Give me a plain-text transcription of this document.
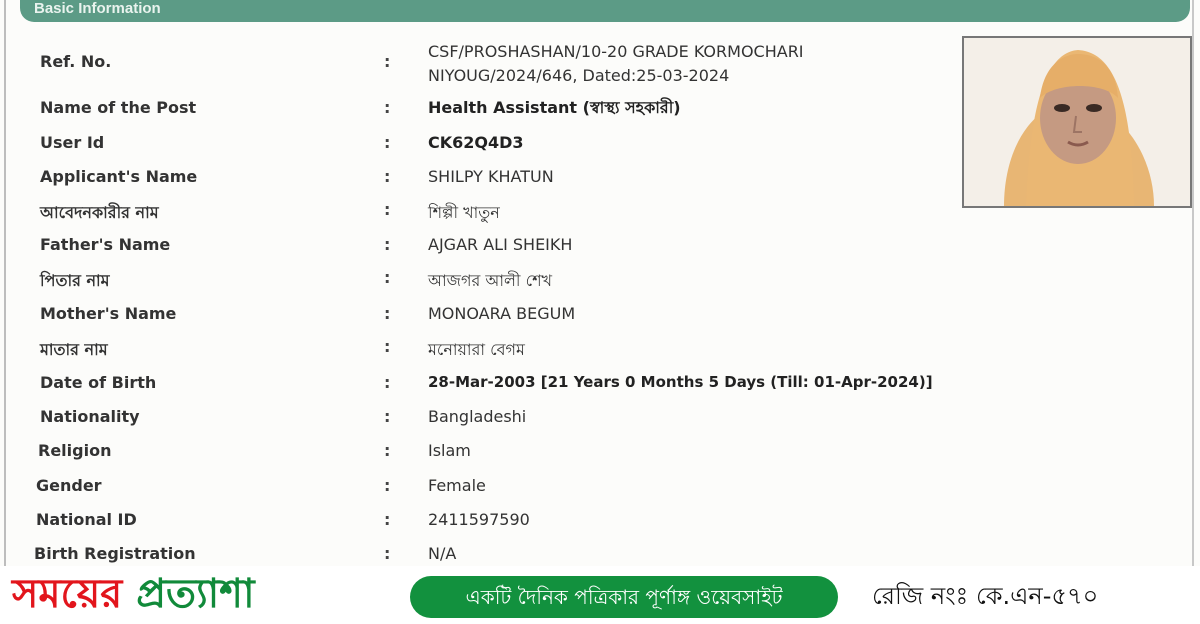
Basic Information
Ref. No.	:
CSF/PROSHASHAN/10-20 GRADE KORMOCHARI
NIYOUG/2024/646, Dated:25-03-2024
Name of the Post	: Health Assistant (স্বাস্থ্য সহকারী)
User Id	: CK62Q4D3
Applicant's Name	: SHILPY KHATUN
আবেদনকারীর নাম	: শিল্পী খাতুন
Father's Name	: AJGAR ALI SHEIKH
পিতার নাম	: আজগর আলী শেখ
Mother's Name	: MONOARA BEGUM
মাতার নাম	: মনোয়ারা বেগম
Date of Birth	:	28-Mar-2003 [21 Years 0 Months 5 Days (Till: 01-Apr-2024)]
Nationality	: Bangladeshi
Religion	: Islam
Gender	: Female
National ID	: 2411597590
Birth Registration	: N/A
সময়ের প্রত্যাশা	একটি দৈনিক পত্রিকার পূর্ণাঙ্গ ওয়েবসাইট	রেজি নংঃ কে.এন-৫৭০
